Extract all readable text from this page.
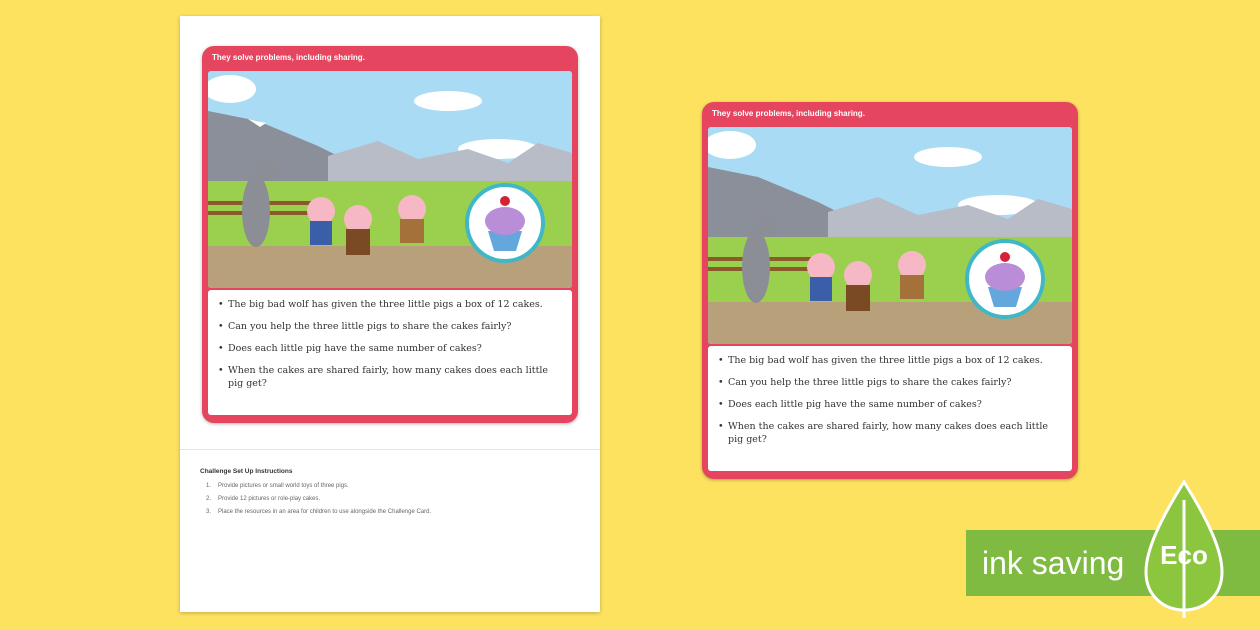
They solve problems, including sharing.
• The big bad wolf has given the three little pigs a box of 12 cakes.
• Can you help the three little pigs to share the cakes fairly?
• Does each little pig have the same number of cakes?
• When the cakes are shared fairly, how many cakes does each little pig get?
Challenge Set Up Instructions
1. Provide pictures or small world toys of three pigs.
2. Provide 12 pictures or role-play cakes.
3. Place the resources in an area for children to use alongside the Challenge Card.
They solve problems, including sharing.
• The big bad wolf has given the three little pigs a box of 12 cakes.
• Can you help the three little pigs to share the cakes fairly?
• Does each little pig have the same number of cakes?
• When the cakes are shared fairly, how many cakes does each little pig get?
ink saving	Eco
